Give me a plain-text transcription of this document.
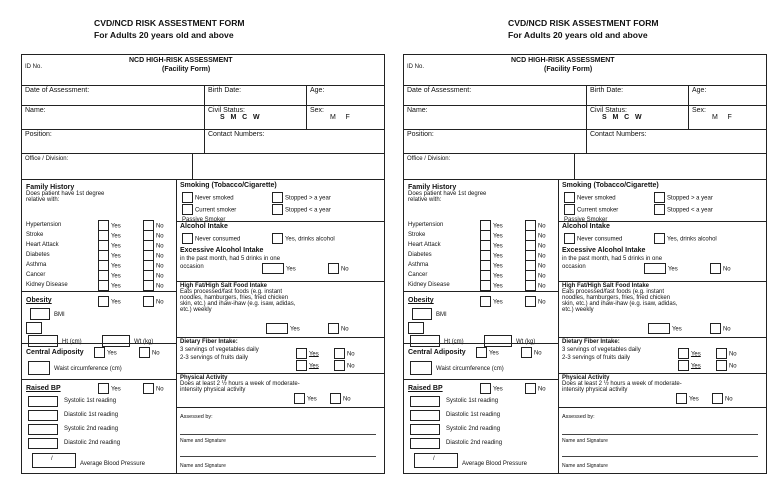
CVD/NCD RISK ASSESTMENT FORM
For Adults 20 years old and above
ID No.
NCD HIGH-RISK ASSESSMENT
(Facility Form)
Date of Assessment:	Birth Date:	Age:
Name:	Civil Status:
S   M   C   W
Sex:
M     F
Position:	Contact Numbers:
Office / Division:
Family History
Does patient have 1st degree
relative with:
Hypertension	Yes	No
Stroke	Yes	No
Heart Attack	Yes	No
Diabetes	Yes	No
Asthma	Yes	No
Cancer	Yes	No
Kidney Disease	Yes	No
Obesity	Yes	No
BMI
Ht (cm)	Wt (kg)
Central Adiposity	Yes	No
Waist circumference (cm)
Raised BP	Yes	No
Systolic 1st reading
Diastolic 1st reading
Systolic 2nd reading
Diastolic 2nd reading
/
Average Blood Pressure
Smoking (Tobacco/Cigarette)
Never smoked	Stopped > a year
Current smoker	Stopped < a year
Passive Smoker
Alcohol Intake
Never consumed	Yes, drinks alcohol
Excessive Alcohol Intake
in the past month, had 5 drinks in one
occasion	Yes	No
High Fat/High Salt Food Intake
Eats processed/fast foods (e.g. instant
noodles, hamburgers, fries, fried chicken
skin, etc.) and ihaw-ihaw (e.g. isaw, adidas,
etc.) weekly
Yes	No
Dietary Fiber Intake:
3 servings of vegetables daily
2-3 servings of fruits daily
Yes	No
Yes	No
Physical Activity
Does at least 2 ½ hours a week of moderate-
intensity physical activity
Yes	No
Assessed by:
Name and Signature
Name and Signature
CVD/NCD RISK ASSESTMENT FORM
For Adults 20 years old and above
ID No.
NCD HIGH-RISK ASSESSMENT
(Facility Form)
Date of Assessment:	Birth Date:	Age:
Name:	Civil Status:
S   M   C   W
Sex:
M     F
Position:	Contact Numbers:
Office / Division:
Family History
Does patient have 1st degree
relative with:
Hypertension	Yes	No
Stroke	Yes	No
Heart Attack	Yes	No
Diabetes	Yes	No
Asthma	Yes	No
Cancer	Yes	No
Kidney Disease	Yes	No
Obesity	Yes	No
BMI
Ht (cm)	Wt (kg)
Central Adiposity	Yes	No
Waist circumference (cm)
Raised BP	Yes	No
Systolic 1st reading
Diastolic 1st reading
Systolic 2nd reading
Diastolic 2nd reading
/
Average Blood Pressure
Smoking (Tobacco/Cigarette)
Never smoked	Stopped > a year
Current smoker	Stopped < a year
Passive Smoker
Alcohol Intake
Never consumed	Yes, drinks alcohol
Excessive Alcohol Intake
in the past month, had 5 drinks in one
occasion	Yes	No
High Fat/High Salt Food Intake
Eats processed/fast foods (e.g. instant
noodles, hamburgers, fries, fried chicken
skin, etc.) and ihaw-ihaw (e.g. isaw, adidas,
etc.) weekly
Yes	No
Dietary Fiber Intake:
3 servings of vegetables daily
2-3 servings of fruits daily
Yes	No
Yes	No
Physical Activity
Does at least 2 ½ hours a week of moderate-
intensity physical activity
Yes	No
Assessed by:
Name and Signature
Name and Signature
